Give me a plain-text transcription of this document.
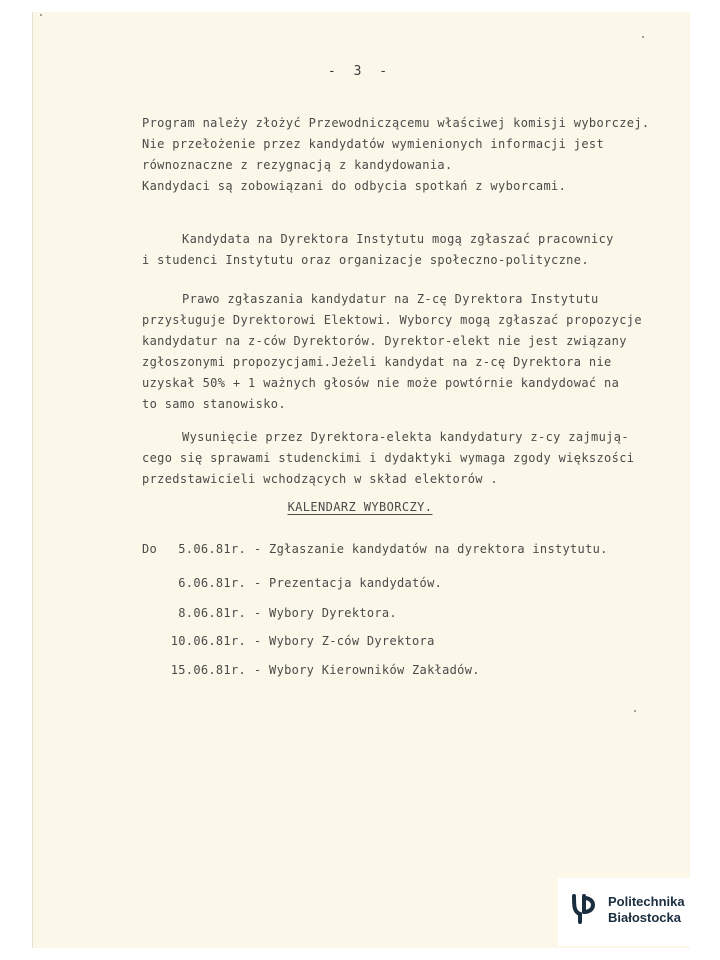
- 3 -
Program należy złożyć Przewodniczącemu właściwej komisji wyborczej.
Nie przełożenie przez kandydatów wymienionych informacji jest
równoznaczne z rezygnacją z kandydowania.
Kandydaci są zobowiązani do odbycia spotkań z wyborcami.
Kandydata na Dyrektora Instytutu mogą zgłaszać pracownicy
i studenci Instytutu oraz organizacje społeczno-polityczne.
Prawo zgłaszania kandydatur na Z-cę Dyrektora Instytutu
przysługuje Dyrektorowi Elektowi. Wyborcy mogą zgłaszać propozycje
kandydatur na z-ców Dyrektorów. Dyrektor-elekt nie jest związany
zgłoszonymi propozycjami.Jeżeli kandydat na z-cę Dyrektora nie
uzyskał 50% + 1 ważnych głosów nie może powtórnie kandydować na
to samo stanowisko.
Wysunięcie przez Dyrektora-elekta kandydatury z-cy zajmują-
cego się sprawami studenckimi i dydaktyki wymaga zgody większości
przedstawicieli wchodzących w skład elektorów .
KALENDARZ WYBORCZY.
Do	5.06.81r. - Zgłaszanie kandydatów na dyrektora instytutu.
6.06.81r. - Prezentacja kandydatów.
8.06.81r. - Wybory Dyrektora.
10.06.81r. - Wybory Z-ców Dyrektora
15.06.81r. - Wybory Kierowników Zakładów.
Politechnika
Białostocka
